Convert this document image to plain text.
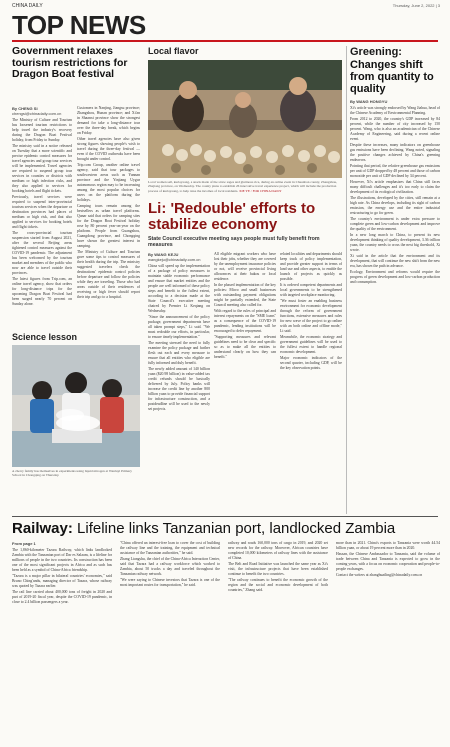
CHINA DAILY	Thursday, June 2, 2022 | 3
TOP NEWS
Government relaxes tourism restrictions for Dragon Boat festival
By CHENG SI
chengsi@chinadaily.com.cn

The Ministry of Culture and Tourism has loosened tourism restrictions to help travel the industry's recovery during the Dragon Boat Festival holiday, from Friday to Sunday.

The ministry said in a notice released on Tuesday that a more scientific and precise epidemic control measures for travel agencies and group tour services will be implemented. Travel agencies are required to suspend group tour services in counties or districts with medium or high infection risks, and they also applied to services for booking hotels and flight tickets.

Previously, travel services were required to suspend inter-provincial tourism services when the departure or destination provinces had places of medium or high risk, and that also applied to services for booking hotels and flight tickets.

The cross-provincial tourism suspension started from August 2021, after the several Beijing areas tightened control measures against the COVID-19 pandemic. The adjustment has been welcomed by the tourism market and members of the public who now are able to travel outside their provinces.

The latest figures from Trip.com, an online travel agency, show that orders for long-distance trips for the upcoming Dragon Boat Festival had been surged nearly 70 percent on Sunday alone.

Customers in Nanjing, Jiangsu province; Zhangzhou, Hunan province; and Xi'an in Shaanxi province show the strongest demand for take a long-distance tour over the three-day break, which begins on Friday.

Other travel agencies have also given strong figures showing people's wish to travel during the three-day festival — even if the COVID outbreaks have been brought under control.

Trip.com Group, another online travel agency, said that tour packages to southwestern areas such as Yunnan province and the Yinjiang Uygur autonomous region may to be increasing among the most popular choices for users on the platform during the holidays.

Camping tours remain among the bestsellers as urban travel platforms. Qunar said that orders for camping sites for the Dragon Boat Festival holiday rose by 80 percent year-on-year on the platform. People from Guangzhou, Guangdong province, and Chongqing have shown the greatest interest in camping.

The Ministry of Culture and Tourism gave some tips to control measures of their health during the trip. The ministry suggested travelers check the destinations' epidemic control policies before departure and follow the policies while they are traveling. Those who had areas outside of their residences of receiving or high fever should report their trip and go to a hospital.

Local flavor
Local women sell, kuriayaong, a snack made of the straw sages and glutinous rice, during an online event in Chuanban county, Zhangzhou, Zhejiang province, on Wednesday. The county plans to establish 26 innovative travel experience project, which will include the production process of kuriayaong, to help raise the incomes of local residents. XIE YE / FOR CHINA DAILY
Li: 'Redouble' efforts to stabilize economy
State Council executive meeting says people must fully benefit from measures
By WANG KEJU
wangkeju@chinadaily.com.cn

China will speed up the implementation of a package of policy measures to maintain stable economic performance and ensure that market entities and the people are well informed of these policy steps and benefit to the fullest extent, according to a decision made at the State Council's executive meeting chaired by Premier Li Keqiang on Wednesday.

"Since the announcement of the policy package, government departments have all taken prompt steps," Li said. "We must redouble our efforts, in particular, to ensure timely implementation."

The meeting stressed the need to fully examine the policy package and further flesh out each and every measure to ensure that all entities who eligible are fully informed and duly benefit.

The newly added amount of 140 billion yuan ($20.98 billion) in value-added tax credit refunds should be basically delivered by July. Policy banks will increase the credit line by another 800 billion yuan to provide financial support for infrastructure construction, and a postdeadline will be used to the newly set projects.

All eligible migrant workers who have lost their jobs, whether they are covered by the unemployment insurance policies or not, will receive provincial living allowances at their hukou or local residence.

In the phased implementation of the key policies: Micro and small businesses with outstanding payment obligations might be partially extended, the State Council meeting also called for.

With regard to the rules of principal and interest repayments on the "SME loans" as a consequence of the COVID-19 pandemic, lending institutions will be encouraged to defer repayment.

"Supporting measures and relevant guidelines need to be clear and specific so as to make all the entities to understand clearly on how they can benefit."

related localities and departments should keep track of policy implementation, and provide greater support in terms of land use and other aspects, to enable the launch of projects as quickly as possible.

It is ordered competent departments and local governments to be strengthened with targeted workplace monitoring.

"We must foster an enabling business environment for economic development through the reform of government functions, extensive measures and rules for new wave of the project to go online with an both online and offline mode," Li said.

Meanwhile, the economic strategy and government guidelines will be used to the fullest extent to handle regional economic development.

Major economic indicators of the second quarter, including GDP, will be the key observation points.

Greening:
Changes shift from quantity to quality
By WANG HONGYU

Xi's article was strongly endorsed by Wang Jiahua, head of the Chinese Academy of Environmental Planning.

From 2012 to 2020, the country's GDP increased by 84 percent, while the number of city increased by 150 percent. Wang, who is also an academician of the Chinese Academy of Engineering, said during a recent online event.

Despite these increases, many indicators on greenhouse gas emissions have been declining. Wang noted, signaling the positive changes achieved by China's greening endeavors.

Pointing that period, the relative greenhouse gas emissions per unit of GDP dropped by 48 percent and those of carbon monoxide per unit of GDP declined by 34 percent.

However, Xi's article emphasizes that China still faces many difficult challenges and it's too early to claim the development of its ecological civilization.

The illustrations, developed by the cities, still remain at a high rate. As China develops, including its sight of carbon emission, the energy use and the entire industrial restructuring to go for green.

The country's environment is under extra pressure to complete green and low-carbon development and improve the quality of the environment.

In a new long march to China, to present its new development thinking of quality development, 3.36 trillion yuan, the country needs to cross the next big threshold, Xi wrote.

Xi said in the article that the environment and its development, that will continue the new shift from the new era, has shown the path in advance.

Ecology, Environment and reforms would require the progress of green development and low-carbon production and consumption.

Science lesson
A cherry family has themselves in experiments using liquid nitrogen at Wanluyi Primary School in Chongqing on Thursday.
Railway: Lifeline links Tanzanian port, landlocked Zambia
From page 1

The 1,860-kilometer Tazara Railway, which links landlocked Zambia with the Tanzanian port of Dar es Salaam, is a lifeline for millions of people in the two countries. Its construction has been one of the most significant projects in Africa and as such has been held as a symbol of China-Africa friendship.

"Tazara is a major pillar in bilateral countries' economies," said Bruno Ching'andu, managing director of Tazara, whose railway was quoted by Tazara earlier.

The rail line carried about 400,000 tons of freight in 2020 and part of 2019-20 fiscal year, despite the COVID-19 pandemic, in close to 2.4 billion passengers a year.

"China offered an interest-free loan to cover the cost of building the railway line and the training, the equipment and technical assistance of the Tanzanian authorities," he said.

Zhang Liangshu, the chief of the China-Africa Interaction Center, said that Tazara had a railway workforce which worked to Zambia, about 50 trucks a day and traveled throughout the Tanzanian railway network.

"We were saying to Chinese investors that Tazara is one of the most important routes for transportation," he said.

railway and roads 160,000 tons of cargo in 2019, and 2020 set new records for the railway. Moreover, African countries have completed 10,000 kilometers of railway lines with the assistance of China.

The Belt and Road Initiative was launched the same year as Xi's visit, the infrastructure projects that have been established continue to benefit the two countries.

"The railway continues to benefit the economic growth of the region and the social and economic development of both countries," Zhang said.

more than in 2021. China's exports to Tanzania were worth 44.54 billion yuan, or about 19 percent more than in 2020.

Hassan, the Chinese Ambassador to Tanzania, said the volume of trade between China and Tanzania is expected to grow in the coming years, with a focus on economic cooperation and people-to-people exchanges.

Contact the writers at zhanghuailing@chinadaily.com.cn
